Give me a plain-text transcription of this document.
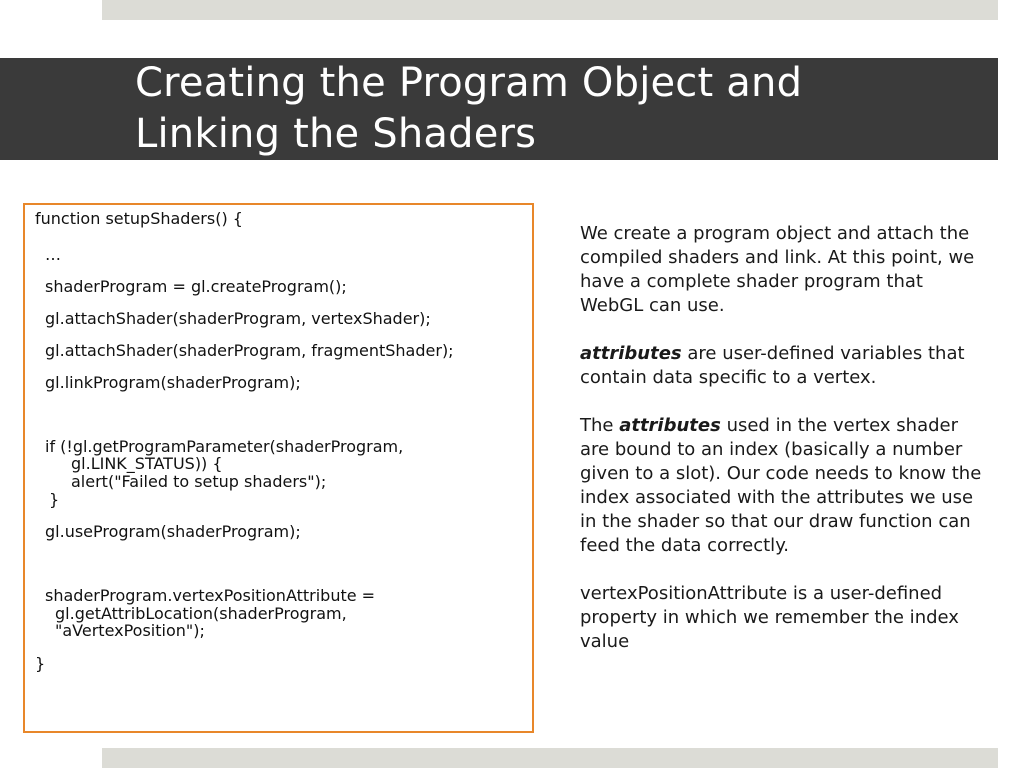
Creating the Program Object and
Linking the Shaders

function setupShaders() {

…

shaderProgram = gl.createProgram();

gl.attachShader(shaderProgram, vertexShader);

gl.attachShader(shaderProgram, fragmentShader);

gl.linkProgram(shaderProgram);

if (!gl.getProgramParameter(shaderProgram,

gl.LINK_STATUS)) {

alert("Failed to setup shaders");

}

gl.useProgram(shaderProgram);

shaderProgram.vertexPositionAttribute =

gl.getAttribLocation(shaderProgram,

"aVertexPosition");

}

We create a program object and attach the compiled shaders and link. At this point, we have a complete shader program that WebGL can use.

attributes are user-defined variables that contain data specific to a vertex.

The attributes used in the vertex shader are bound to an index (basically a number given to a slot). Our code needs to know the index associated with the attributes we use in the shader so that our draw function can feed the data correctly.

vertexPositionAttribute is a user-defined property in which we remember the index value
